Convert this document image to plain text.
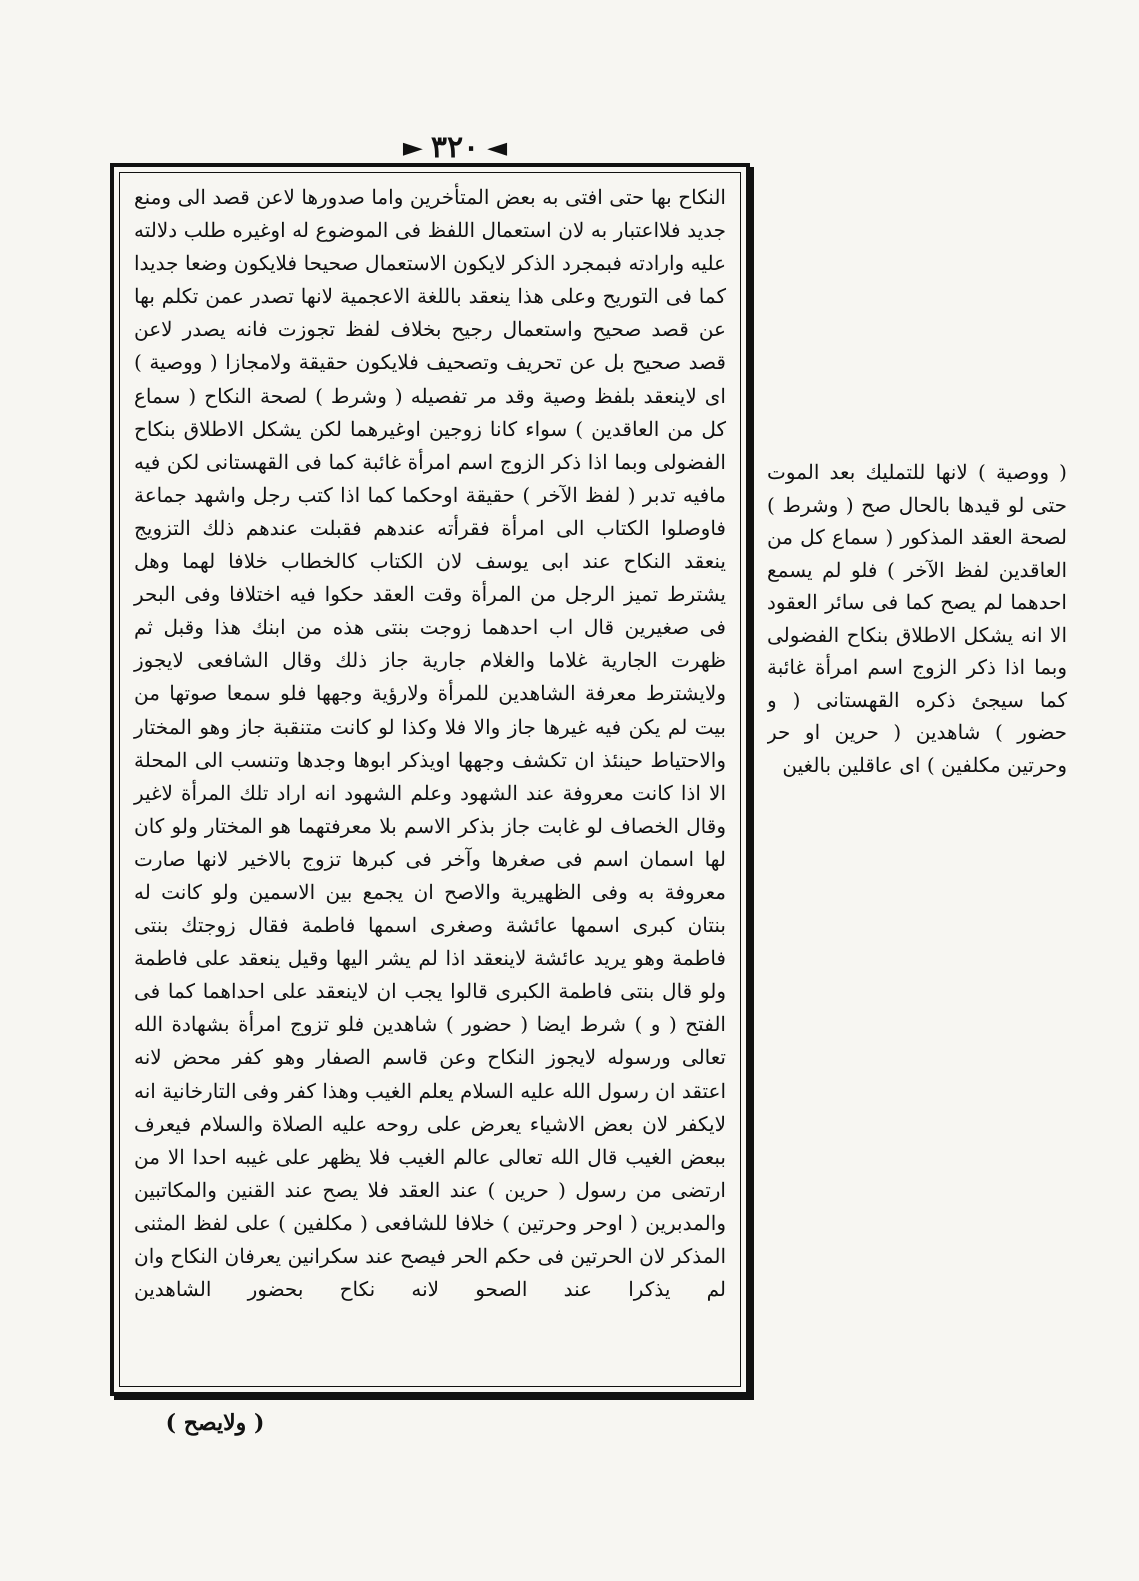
► ٣٢٠ ◄

النكاح بها حتى افتى به بعض المتأخرين واما صدورها لاعن قصد الى ومنع جديد فلااعتبار به لان استعمال اللفظ فى الموضوع له اوغيره طلب دلالته عليه وارادته فبمجرد الذكر لايكون الاستعمال صحيحا فلايكون وضعا جديدا كما فى التوريح وعلى هذا ينعقد باللغة الاعجمية لانها تصدر عمن تكلم بها عن قصد صحيح واستعمال رجيح بخلاف لفظ تجوزت فانه يصدر لاعن قصد صحيح بل عن تحريف وتصحيف فلايكون حقيقة ولامجازا ( ووصية ) اى لاينعقد بلفظ وصية وقد مر تفصيله ( وشرط ) لصحة النكاح ( سماع كل من العاقدين ) سواء كانا زوجين اوغيرهما لكن يشكل الاطلاق بنكاح الفضولى وبما اذا ذكر الزوج اسم امرأة غائبة كما فى القهستانى لكن فيه مافيه تدبر ( لفظ الآخر ) حقيقة اوحكما كما اذا كتب رجل واشهد جماعة فاوصلوا الكتاب الى امرأة فقرأته عندهم فقبلت عندهم ذلك التزويج ينعقد النكاح عند ابى يوسف لان الكتاب كالخطاب خلافا لهما وهل يشترط تميز الرجل من المرأة وقت العقد حكوا فيه اختلافا وفى البحر فى صغيرين قال اب احدهما زوجت بنتى هذه من ابنك هذا وقبل ثم ظهرت الجارية غلاما والغلام جارية جاز ذلك وقال الشافعى لايجوز ولايشترط معرفة الشاهدين للمرأة ولارؤية وجهها فلو سمعا صوتها من بيت لم يكن فيه غيرها جاز والا فلا وكذا لو كانت متنقبة جاز وهو المختار والاحتياط حينئذ ان تكشف وجهها اويذكر ابوها وجدها وتنسب الى المحلة الا اذا كانت معروفة عند الشهود وعلم الشهود انه اراد تلك المرأة لاغير وقال الخصاف لو غابت جاز بذكر الاسم بلا معرفتهما هو المختار ولو كان لها اسمان اسم فى صغرها وآخر فى كبرها تزوج بالاخير لانها صارت معروفة به وفى الظهيرية والاصح ان يجمع بين الاسمين ولو كانت له بنتان كبرى اسمها عائشة وصغرى اسمها فاطمة فقال زوجتك بنتى فاطمة وهو يريد عائشة لاينعقد اذا لم يشر اليها وقيل ينعقد على فاطمة ولو قال بنتى فاطمة الكبرى قالوا يجب ان لاينعقد على احداهما كما فى الفتح ( و ) شرط ايضا ( حضور ) شاهدين فلو تزوج امرأة بشهادة الله تعالى ورسوله لايجوز النكاح وعن قاسم الصفار وهو كفر محض لانه اعتقد ان رسول الله عليه السلام يعلم الغيب وهذا كفر وفى التارخانية انه لايكفر لان بعض الاشياء يعرض على روحه عليه الصلاة والسلام فيعرف ببعض الغيب قال الله تعالى عالم الغيب فلا يظهر على غيبه احدا الا من ارتضى من رسول ( حرين ) عند العقد فلا يصح عند القنين والمكاتبين والمدبرين ( اوحر وحرتين ) خلافا للشافعى ( مكلفين ) على لفظ المثنى المذكر لان الحرتين فى حكم الحر فيصح عند سكرانين يعرفان النكاح وان لم يذكرا عند الصحو لانه نكاح بحضور الشاهدين

( ووصية ) لانها للتمليك بعد الموت حتى لو قيدها بالحال صح ( وشرط ) لصحة العقد المذكور ( سماع كل من العاقدين لفظ الآخر ) فلو لم يسمع احدهما لم يصح كما فى سائر العقود الا انه يشكل الاطلاق بنكاح الفضولى وبما اذا ذكر الزوج اسم امرأة غائبة كما سيجئ ذكره القهستانى ( و حضور ) شاهدين ( حرين او حر وحرتين مكلفين ) اى عاقلين بالغين

( ولايصح )
